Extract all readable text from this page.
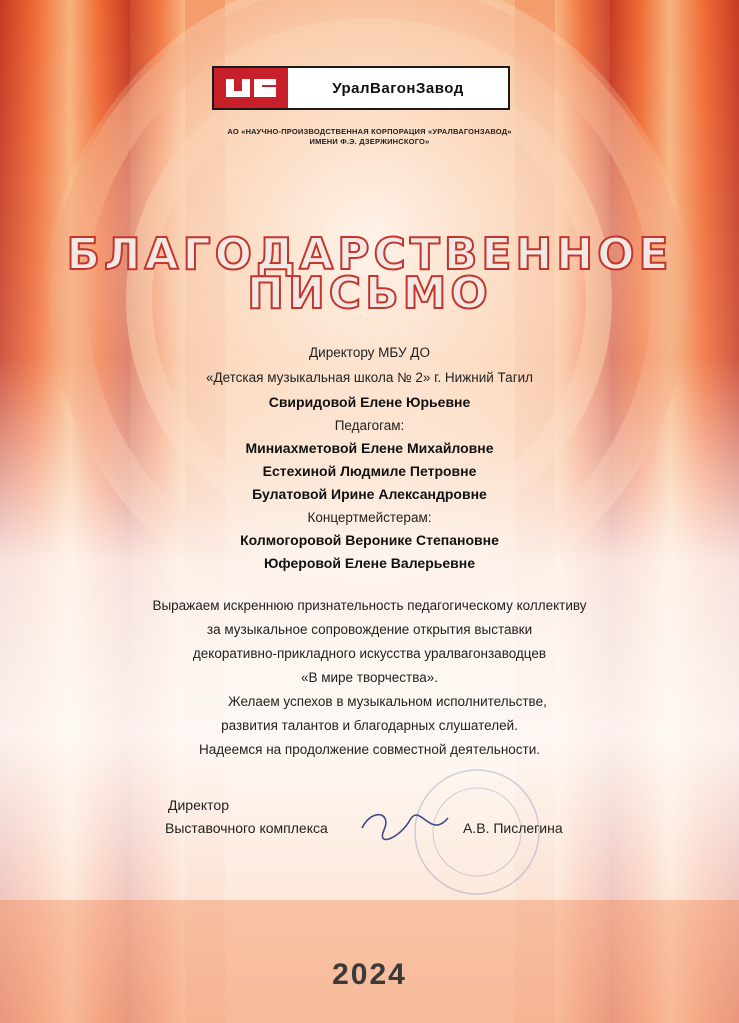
УралВагонЗавод
АО «НАУЧНО-ПРОИЗВОДСТВЕННАЯ КОРПОРАЦИЯ «УРАЛВАГОНЗАВОД»
ИМЕНИ Ф.Э. ДЗЕРЖИНСКОГО»
БЛАГОДАРСТВЕННОЕ
ПИСЬМО
Директору МБУ ДО
«Детская музыкальная школа № 2» г. Нижний Тагил
Свиридовой Елене Юрьевне
Педагогам:
Миниахметовой Елене Михайловне
Естехиной Людмиле Петровне
Булатовой Ирине Александровне
Концертмейстерам:
Колмогоровой Веронике Степановне
Юферовой Елене Валерьевне
Выражаем искреннюю признательность педагогическому коллективу
за музыкальное сопровождение открытия выставки
декоративно-прикладного искусства уралвагонзаводцев
«В мире творчества».
Желаем успехов в музыкальном исполнительстве,
развития талантов и благодарных слушателей.
Надеемся на продолжение совместной деятельности.
Директор
Выставочного комплекса	А.В. Пислегина
2024
